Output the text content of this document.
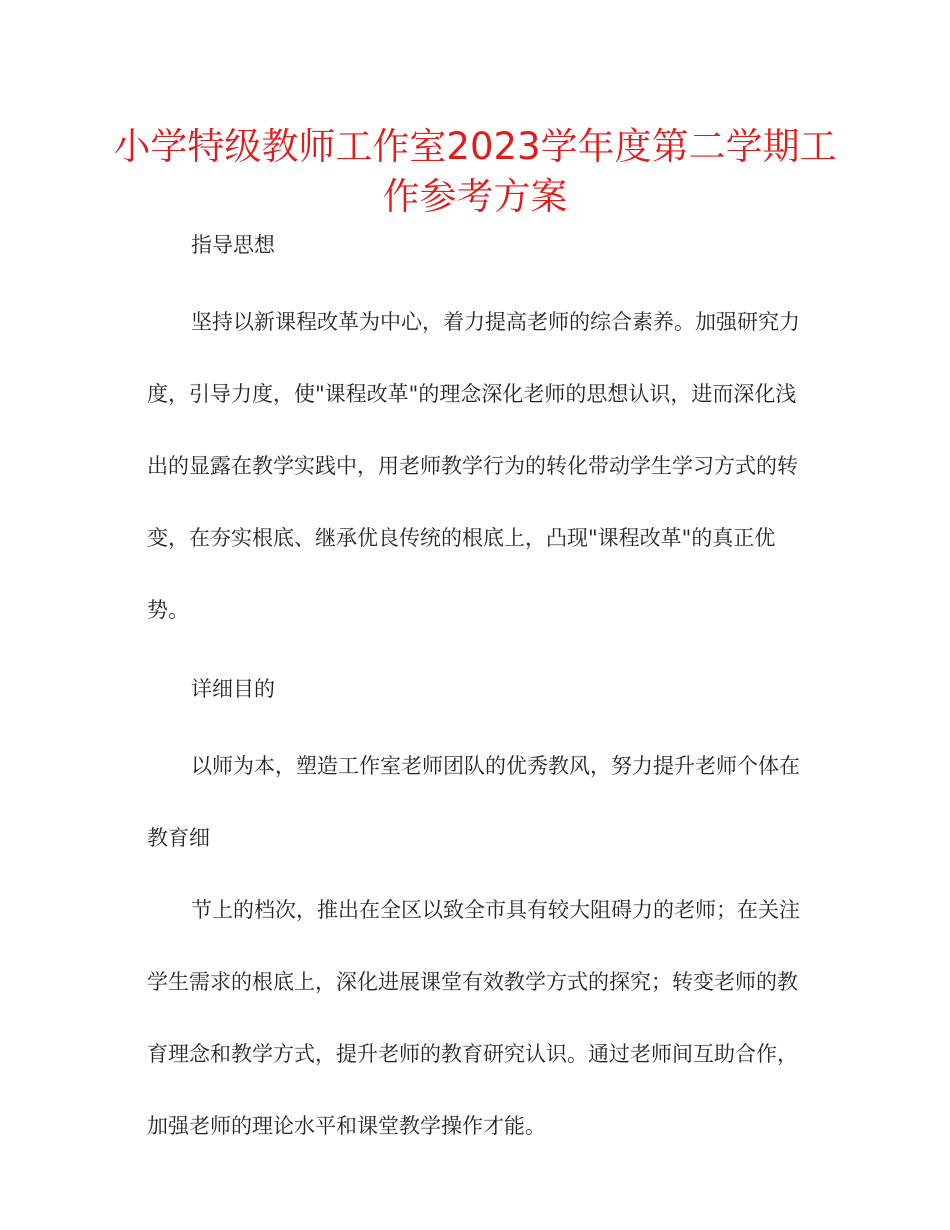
小学特级教师工作室2023学年度第二学期工作参考方案

指导思想

坚持以新课程改革为中心，着力提高老师的综合素养。加强研究力度，引导力度，使"课程改革"的理念深化老师的思想认识，进而深化浅出的显露在教学实践中，用老师教学行为的转化带动学生学习方式的转变，在夯实根底、继承优良传统的根底上，凸现"课程改革"的真正优势。

详细目的

以师为本，塑造工作室老师团队的优秀教风，努力提升老师个体在教育细

节上的档次，推出在全区以致全市具有较大阻碍力的老师；在关注学生需求的根底上，深化进展课堂有效教学方式的探究；转变老师的教育理念和教学方式，提升老师的教育研究认识。通过老师间互助合作，加强老师的理论水平和课堂教学操作才能。
